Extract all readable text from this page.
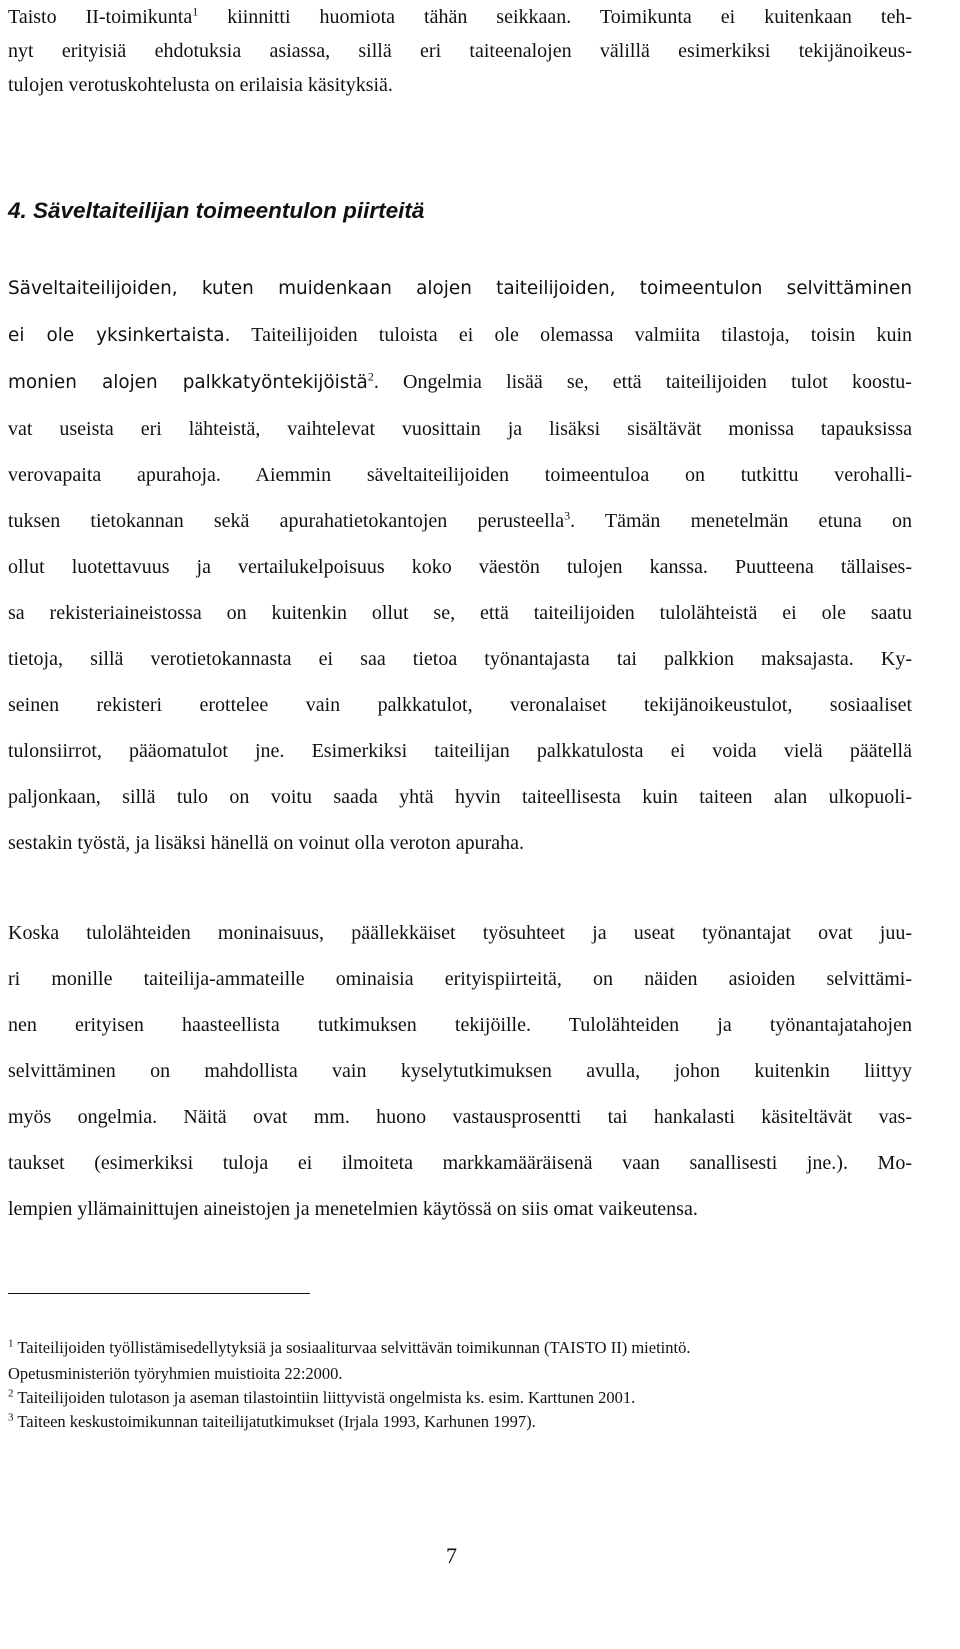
Taisto II-toimikunta$^1$ kiinnitti huomiota tähän seikkaan. Toimikunta ei kuitenkaan teh-
nyt erityisiä ehdotuksia asiassa, sillä eri taiteenalojen välillä esimerkiksi tekijänoikeus-
tulojen verotuskohtelusta on erilaisia käsityksiä.
Säveltaiteilijoiden, kuten muidenkaan alojen taiteilijoiden, toimeentulon selvittäminen
ei ole yksinkertaista. Taiteilijoiden tuloista ei ole olemassa valmiita tilastoja, toisin kuin
monien alojen palkkatyöntekijöistä$^2$. Ongelmia lisää se, että taiteilijoiden tulot koostu-
vat useista eri lähteistä, vaihtelevat vuosittain ja lisäksi sisältävät monissa tapauksissa
verovapaita apurahoja. Aiemmin säveltaiteilijoiden toimeentuloa on tutkittu verohalli-
tuksen tietokannan sekä apurahatietokantojen perusteella$^3$. Tämän menetelmän etuna on
ollut luotettavuus ja vertailukelpoisuus koko väestön tulojen kanssa. Puutteena tällaises-
sa rekisteriaineistossa on kuitenkin ollut se, että taiteilijoiden tulolähteistä ei ole saatu
tietoja, sillä verotietokannasta ei saa tietoa työnantajasta tai palkkion maksajasta. Ky-
seinen rekisteri erottelee vain palkkatulot, veronalaiset tekijänoikeustulot, sosiaaliset
tulonsiirrot, pääomatulot jne. Esimerkiksi taiteilijan palkkatulosta ei voida vielä päätellä
paljonkaan, sillä tulo on voitu saada yhtä hyvin taiteellisesta kuin taiteen alan ulkopuoli-
sestakin työstä, ja lisäksi hänellä on voinut olla veroton apuraha.
Koska tulolähteiden moninaisuus, päällekkäiset työsuhteet ja useat työnantajat ovat juu-
ri monille taiteilija-ammateille ominaisia erityispiirteitä, on näiden asioiden selvittämi-
nen erityisen haasteellista tutkimuksen tekijöille. Tulolähteiden ja työnantajatahojen
selvittäminen on mahdollista vain kyselytutkimuksen avulla, johon kuitenkin liittyy
myös ongelmia. Näitä ovat mm. huono vastausprosentti tai hankalasti käsiteltävät vas-
taukset (esimerkiksi tuloja ei ilmoiteta markkamääräisenä vaan sanallisesti jne.). Mo-
lempien yllämainittujen aineistojen ja menetelmien käytössä on siis omat vaikeutensa.
4. Säveltaiteilijan toimeentulon piirteitä
$^1$ Taiteilijoiden työllistämisedellytyksiä ja sosiaaliturvaa selvittävän toimikunnan (TAISTO II) mietintö.
Opetusministeriön työryhmien muistioita 22:2000.
$^2$ Taiteilijoiden tulotason ja aseman tilastointiin liittyvistä ongelmista ks. esim. Karttunen 2001.
$^3$ Taiteen keskustoimikunnan taiteilijatutkimukset (Irjala 1993, Karhunen 1997).
7
